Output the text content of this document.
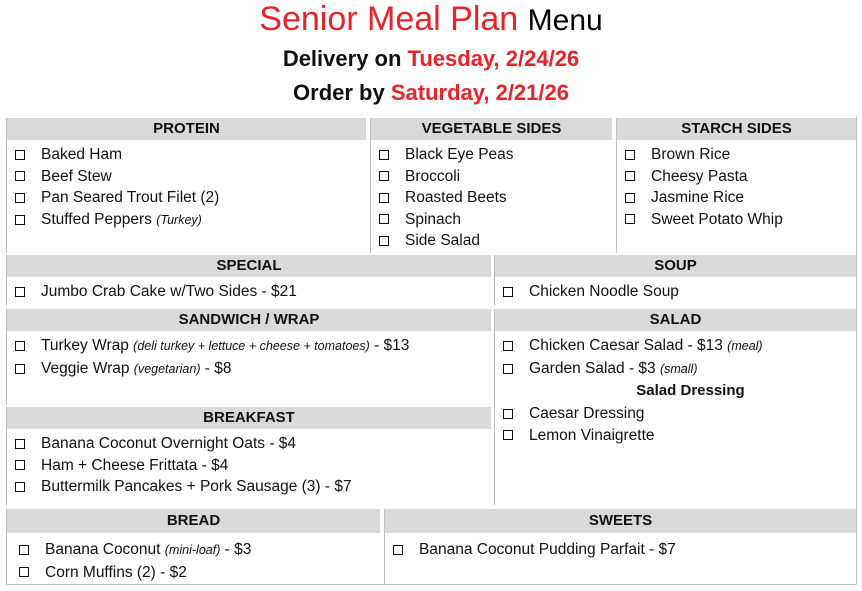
Senior Meal Plan Menu
Delivery on Tuesday, 2/24/26
Order by Saturday, 2/21/26
PROTEIN
Baked Ham
Beef Stew
Pan Seared Trout Filet (2)
Stuffed Peppers (Turkey)
VEGETABLE SIDES
Black Eye Peas
Broccoli
Roasted Beets
Spinach
Side Salad
STARCH SIDES
Brown Rice
Cheesy Pasta
Jasmine Rice
Sweet Potato Whip
SPECIAL
Jumbo Crab Cake w/Two Sides - $21
SOUP
Chicken Noodle Soup
SANDWICH / WRAP
Turkey Wrap (deli turkey + lettuce + cheese + tomatoes) - $13
Veggie Wrap (vegetarian) - $8
SALAD
Chicken Caesar Salad - $13 (meal)
Garden Salad - $3 (small)
Salad Dressing
Caesar Dressing
Lemon Vinaigrette
BREAKFAST
Banana Coconut Overnight Oats - $4
Ham + Cheese Frittata - $4
Buttermilk Pancakes + Pork Sausage (3) - $7
BREAD
Banana Coconut (mini-loaf) - $3
Corn Muffins (2) - $2
SWEETS
Banana Coconut Pudding Parfait - $7
